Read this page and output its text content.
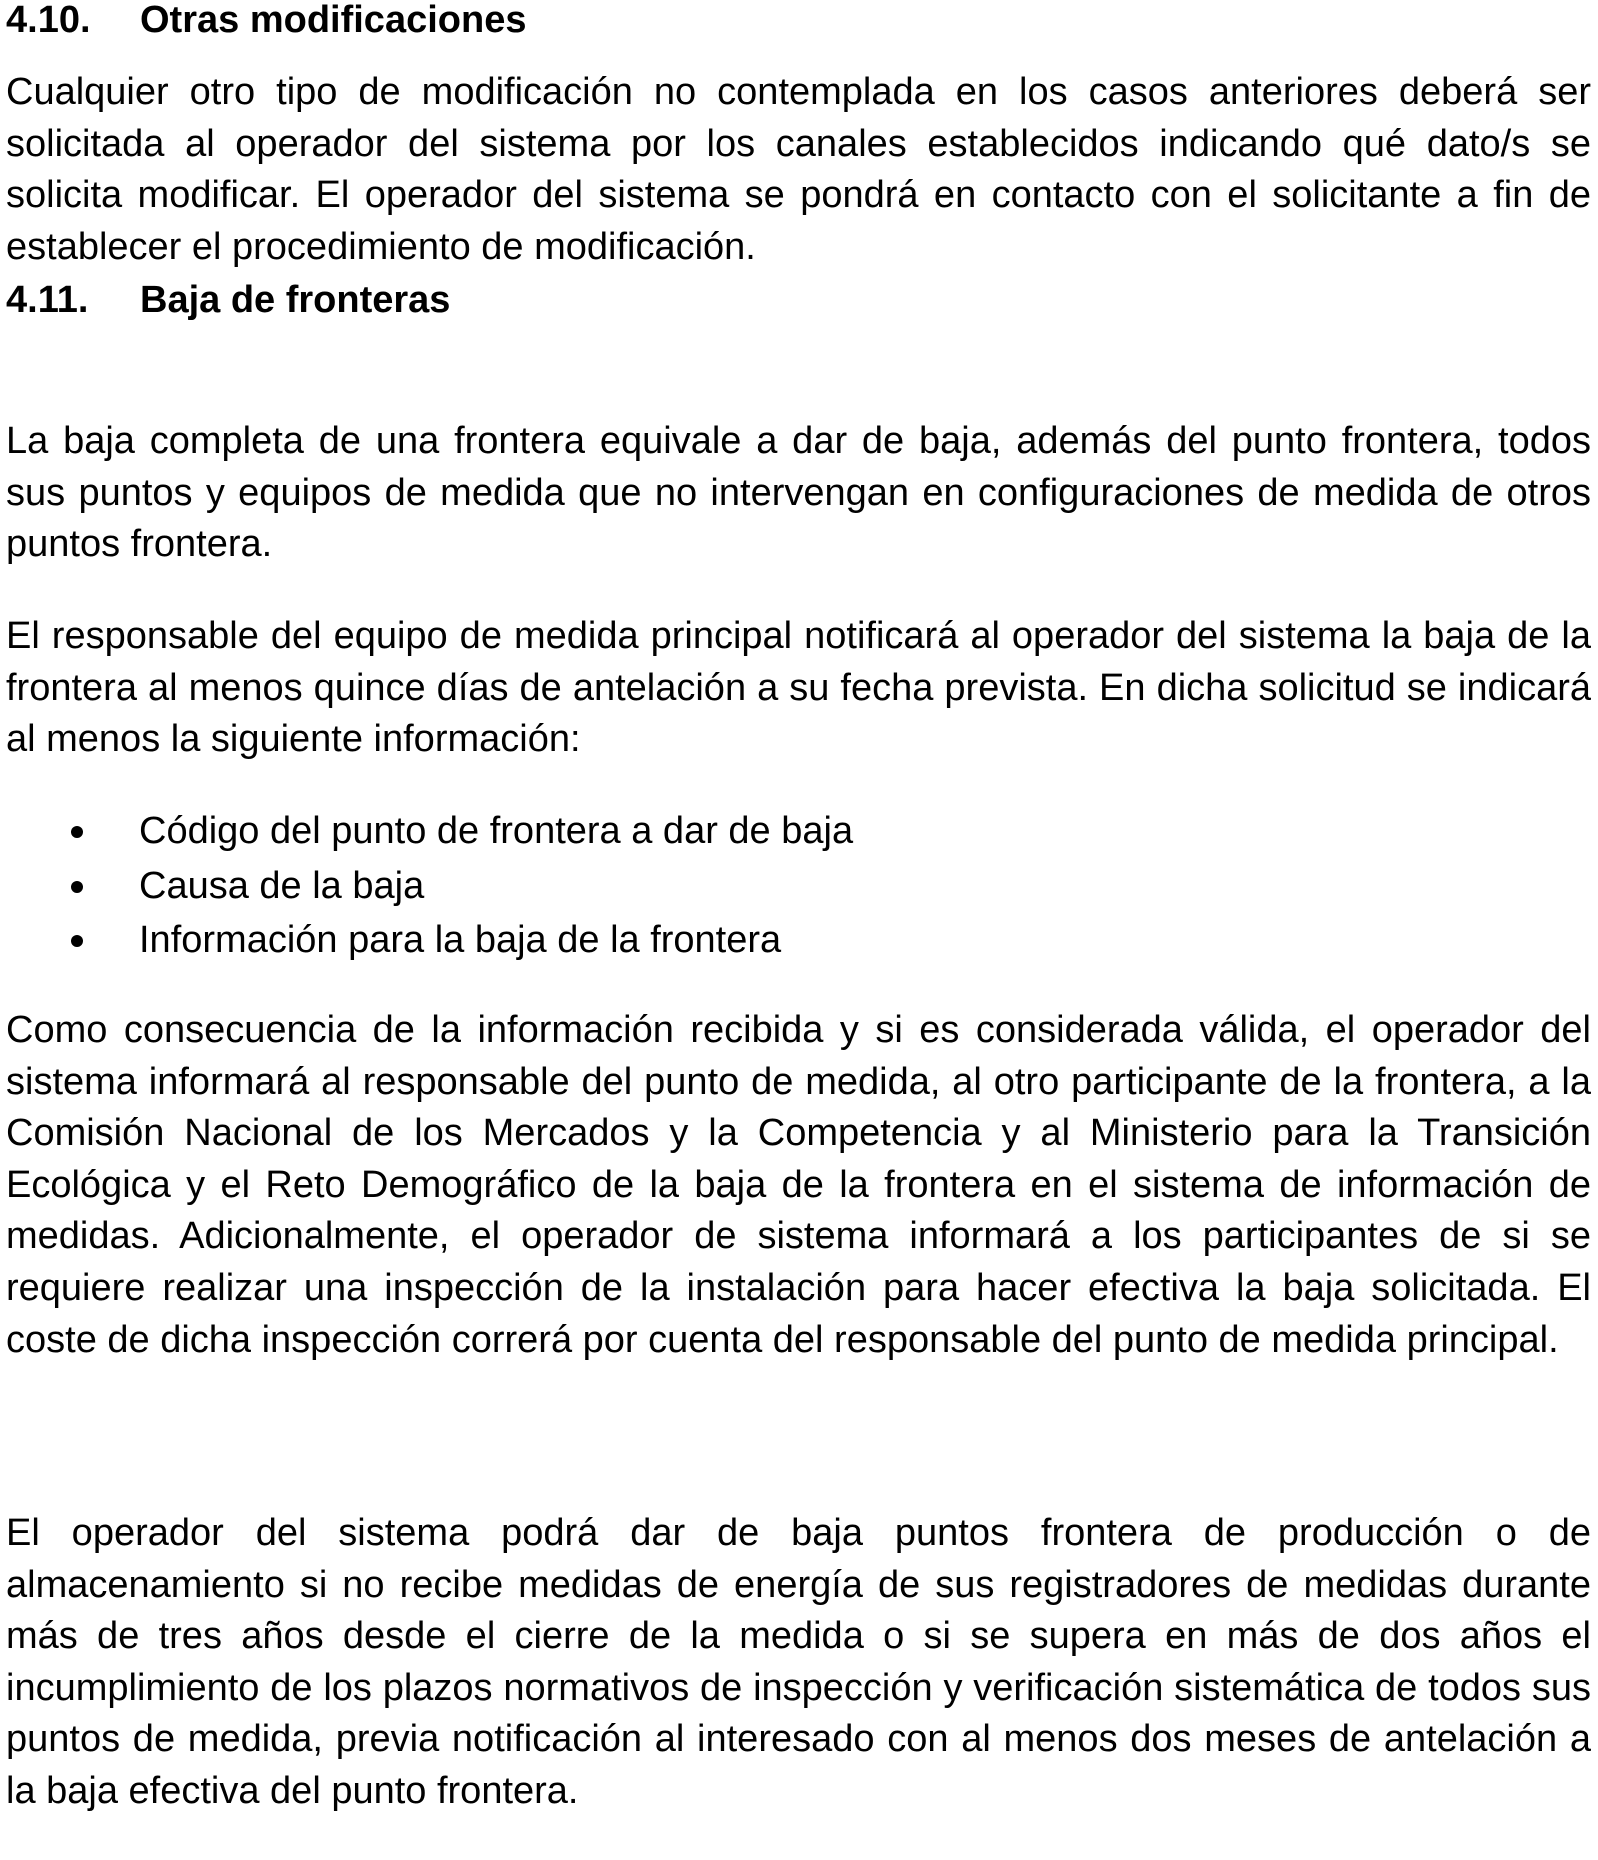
4.10. Otras modificaciones

Cualquier otro tipo de modificación no contemplada en los casos anteriores deberá ser solicitada al operador del sistema por los canales establecidos indicando qué dato/s se solicita modificar. El operador del sistema se pondrá en contacto con el solicitante a fin de establecer el procedimiento de modificación.

4.11. Baja de fronteras

La baja completa de una frontera equivale a dar de baja, además del punto frontera, todos sus puntos y equipos de medida que no intervengan en configuraciones de medida de otros puntos frontera.

El responsable del equipo de medida principal notificará al operador del sistema la baja de la frontera al menos quince días de antelación a su fecha prevista. En dicha solicitud se indicará al menos la siguiente información:

Código del punto de frontera a dar de baja
Causa de la baja
Información para la baja de la frontera

Como consecuencia de la información recibida y si es considerada válida, el operador del sistema informará al responsable del punto de medida, al otro participante de la frontera, a la Comisión Nacional de los Mercados y la Competencia y al Ministerio para la Transición Ecológica y el Reto Demográfico de la baja de la frontera en el sistema de información de medidas. Adicionalmente, el operador de sistema informará a los participantes de si se requiere realizar una inspección de la instalación para hacer efectiva la baja solicitada. El coste de dicha inspección correrá por cuenta del responsable del punto de medida principal.

El operador del sistema podrá dar de baja puntos frontera de producción o de almacenamiento si no recibe medidas de energía de sus registradores de medidas durante más de tres años desde el cierre de la medida o si se supera en más de dos años el incumplimiento de los plazos normativos de inspección y verificación sistemática de todos sus puntos de medida, previa notificación al interesado con al menos dos meses de antelación a la baja efectiva del punto frontera.
